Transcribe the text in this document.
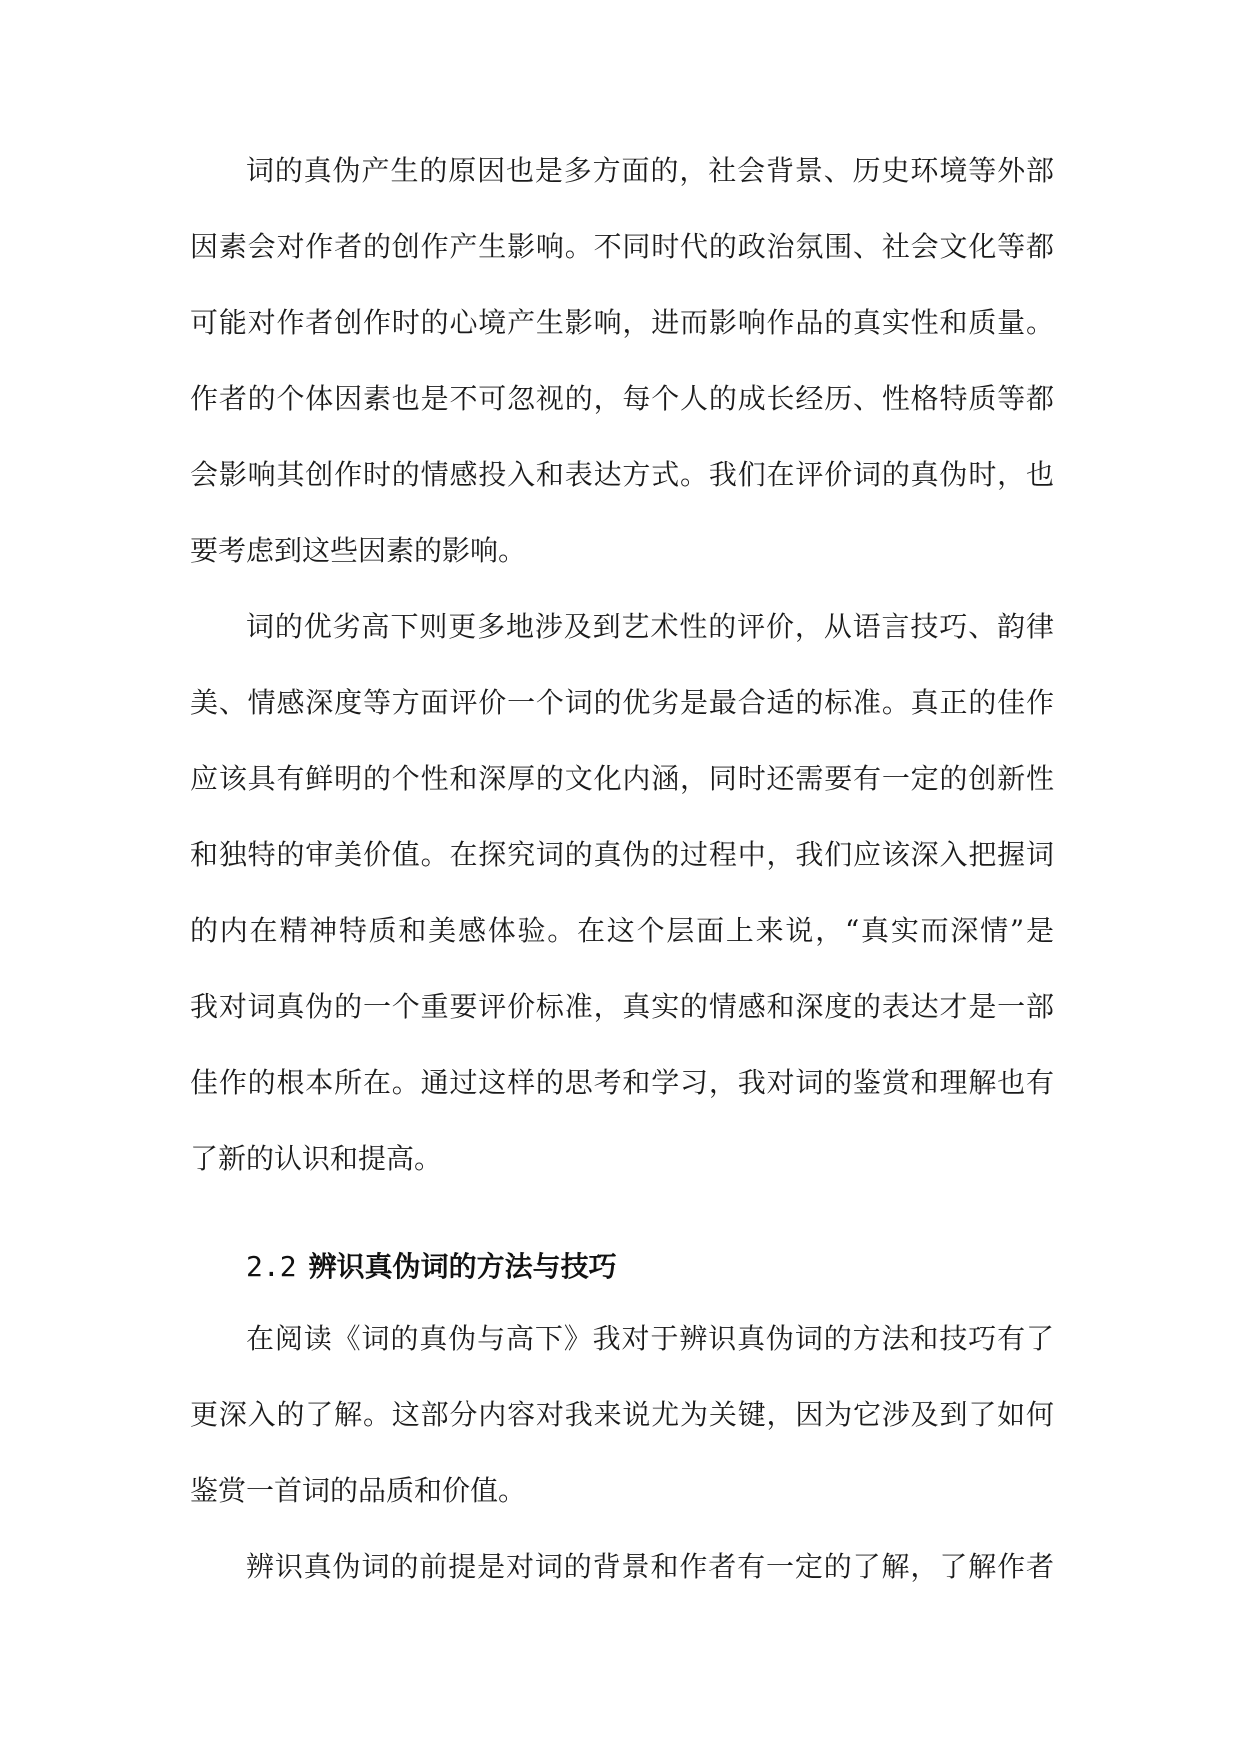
词的真伪产生的原因也是多方面的，社会背景、历史环境等外部
因素会对作者的创作产生影响。不同时代的政治氛围、社会文化等都
可能对作者创作时的心境产生影响，进而影响作品的真实性和质量。
作者的个体因素也是不可忽视的，每个人的成长经历、性格特质等都
会影响其创作时的情感投入和表达方式。我们在评价词的真伪时，也
要考虑到这些因素的影响。
词的优劣高下则更多地涉及到艺术性的评价，从语言技巧、韵律
美、情感深度等方面评价一个词的优劣是最合适的标准。真正的佳作
应该具有鲜明的个性和深厚的文化内涵，同时还需要有一定的创新性
和独特的审美价值。在探究词的真伪的过程中，我们应该深入把握词
的内在精神特质和美感体验。在这个层面上来说，“真实而深情”是
我对词真伪的一个重要评价标准，真实的情感和深度的表达才是一部
佳作的根本所在。通过这样的思考和学习，我对词的鉴赏和理解也有
了新的认识和提高。
2.2 辨识真伪词的方法与技巧
在阅读《词的真伪与高下》我对于辨识真伪词的方法和技巧有了
更深入的了解。这部分内容对我来说尤为关键，因为它涉及到了如何
鉴赏一首词的品质和价值。
辨识真伪词的前提是对词的背景和作者有一定的了解，了解作者
